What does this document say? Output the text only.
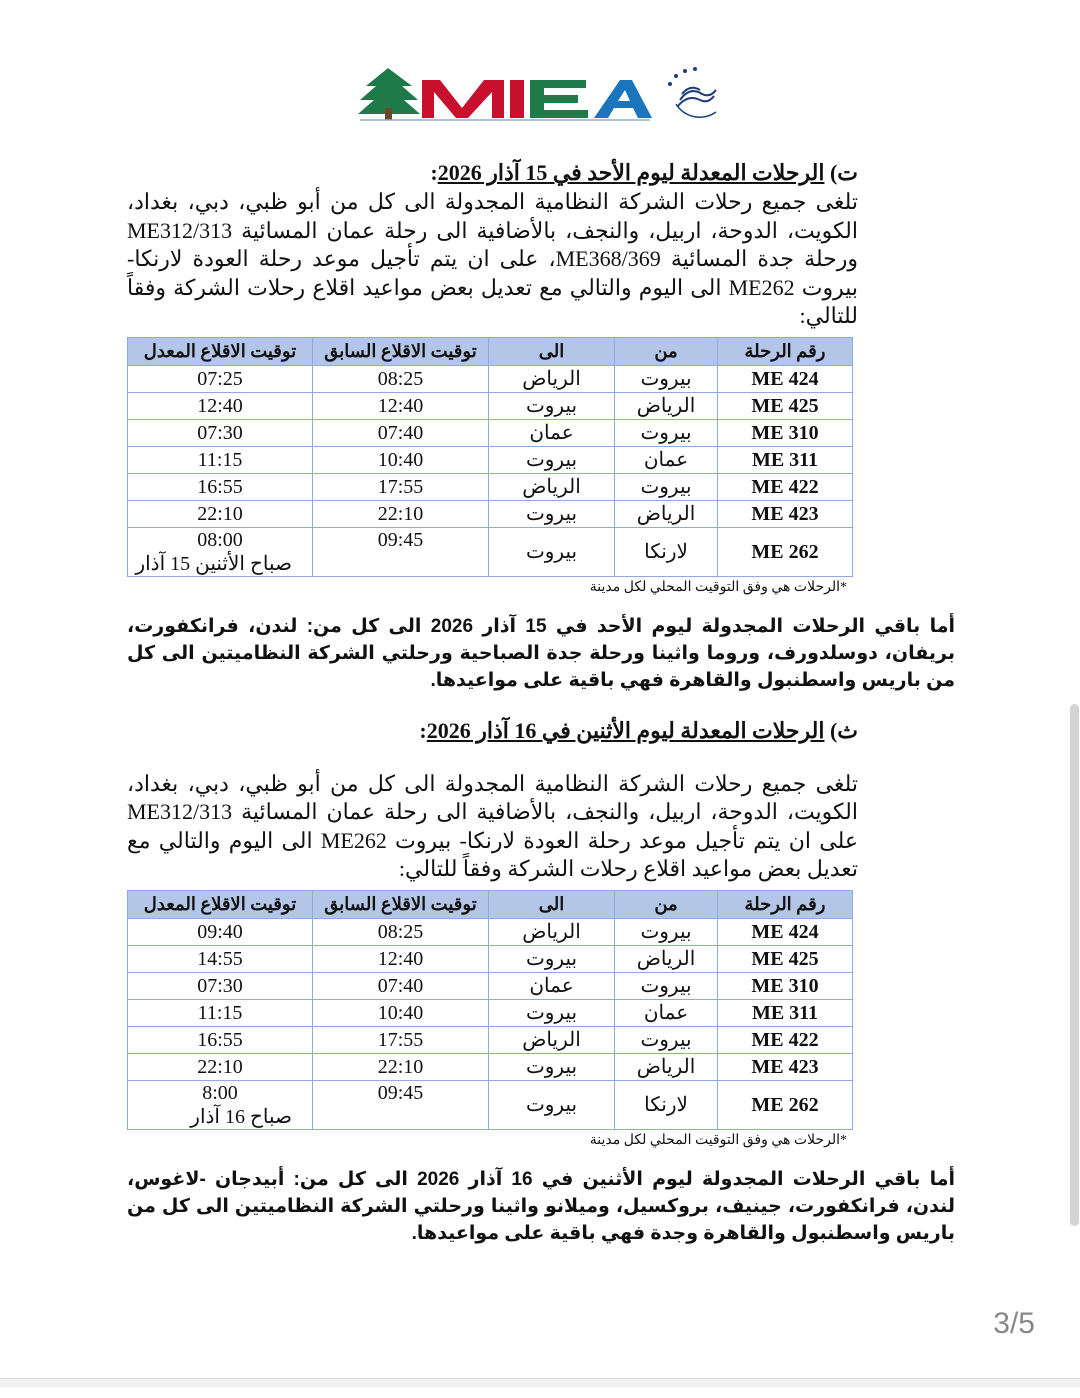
ت) الرحلات المعدلة ليوم الأحد في 15 آذار 2026:
تلغى جميع رحلات الشركة النظامية المجدولة الى كل من أبو ظبي، دبي، بغداد، الكويت، الدوحة، اربيل، والنجف، بالأضافية الى رحلة عمان المسائية ME312/313 ورحلة جدة المسائية ME368/369، على ان يتم تأجيل موعد رحلة العودة لارنكا- بيروت ME262 الى اليوم والتالي مع تعديل بعض مواعيد اقلاع رحلات الشركة وفقاً للتالي:
رقم الرحلة	من	الى	توقيت الاقلاع السابق	توقيت الاقلاع المعدل
ME 424	بيروت	الرياض	08:25	07:25
ME 425	الرياض	بيروت	12:40	12:40
ME 310	بيروت	عمان	07:40	07:30
ME 311	عمان	بيروت	10:40	11:15
ME 422	بيروت	الرياض	17:55	16:55
ME 423	الرياض	بيروت	22:10	22:10
ME 262	لارنكا	بيروت	09:45	08:00
صباح الأثنين 15 آذار
*الرحلات هي وفق التوقيت المحلي لكل مدينة
أما باقي الرحلات المجدولة ليوم الأحد في 15 آذار 2026 الى كل من: لندن، فرانكفورت، بريفان، دوسلدورف، وروما واثينا ورحلة جدة الصباحية ورحلتي الشركة النظاميتين الى كل من باريس واسطنبول والقاهرة فهي باقية على مواعيدها.
ث) الرحلات المعدلة ليوم الأثنين في 16 آذار 2026:
تلغى جميع رحلات الشركة النظامية المجدولة الى كل من أبو ظبي، دبي، بغداد، الكويت، الدوحة، اربيل، والنجف، بالأضافية الى رحلة عمان المسائية ME312/313 على ان يتم تأجيل موعد رحلة العودة لارنكا- بيروت ME262 الى اليوم والتالي مع تعديل بعض مواعيد اقلاع رحلات الشركة وفقاً للتالي:
رقم الرحلة	من	الى	توقيت الاقلاع السابق	توقيت الاقلاع المعدل
ME 424	بيروت	الرياض	08:25	09:40
ME 425	الرياض	بيروت	12:40	14:55
ME 310	بيروت	عمان	07:40	07:30
ME 311	عمان	بيروت	10:40	11:15
ME 422	بيروت	الرياض	17:55	16:55
ME 423	الرياض	بيروت	22:10	22:10
ME 262	لارنكا	بيروت	09:45	8:00
صباح 16 آذار
*الرحلات هي وفق التوقيت المحلي لكل مدينة
أما باقي الرحلات المجدولة ليوم الأثنين في 16 آذار 2026 الى كل من: أبيدجان -لاغوس، لندن، فرانكفورت، جينيف، بروكسيل، وميلانو واثينا ورحلتي الشركة النظاميتين الى كل من باريس واسطنبول والقاهرة وجدة فهي باقية على مواعيدها.
3/5
